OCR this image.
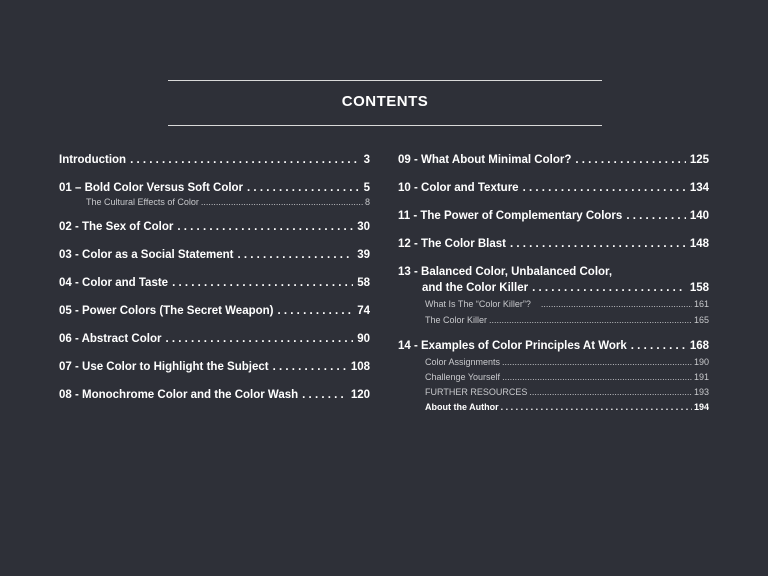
CONTENTS
Introduction . . .	3
01 – Bold Color Versus Soft Color . . .	5
The Cultural Effects of Color .....	8
02 - The Sex of Color . . .	30
03 - Color as a Social Statement . . .	39
04 - Color and Taste . . .	58
05 - Power Colors (The Secret Weapon) . . .	74
06 - Abstract Color . . .	90
07 - Use Color to Highlight the Subject . . .	108
08 - Monochrome Color and the Color Wash . . .	120
09 - What About Minimal Color? . . .	125
10 - Color and Texture . . .	134
11 - The Power of Complementary Colors . . .	140
12 - The Color Blast . . .	148
13 - Balanced Color, Unbalanced Color,
and the Color Killer . . .	158
What Is The “Color Killer”? .....	161
The Color Killer .....	165
14 - Examples of Color Principles At Work . . .	168
Color Assignments .....	190
Challenge Yourself .....	191
FURTHER RESOURCES .....	193
About the Author . . .	194
